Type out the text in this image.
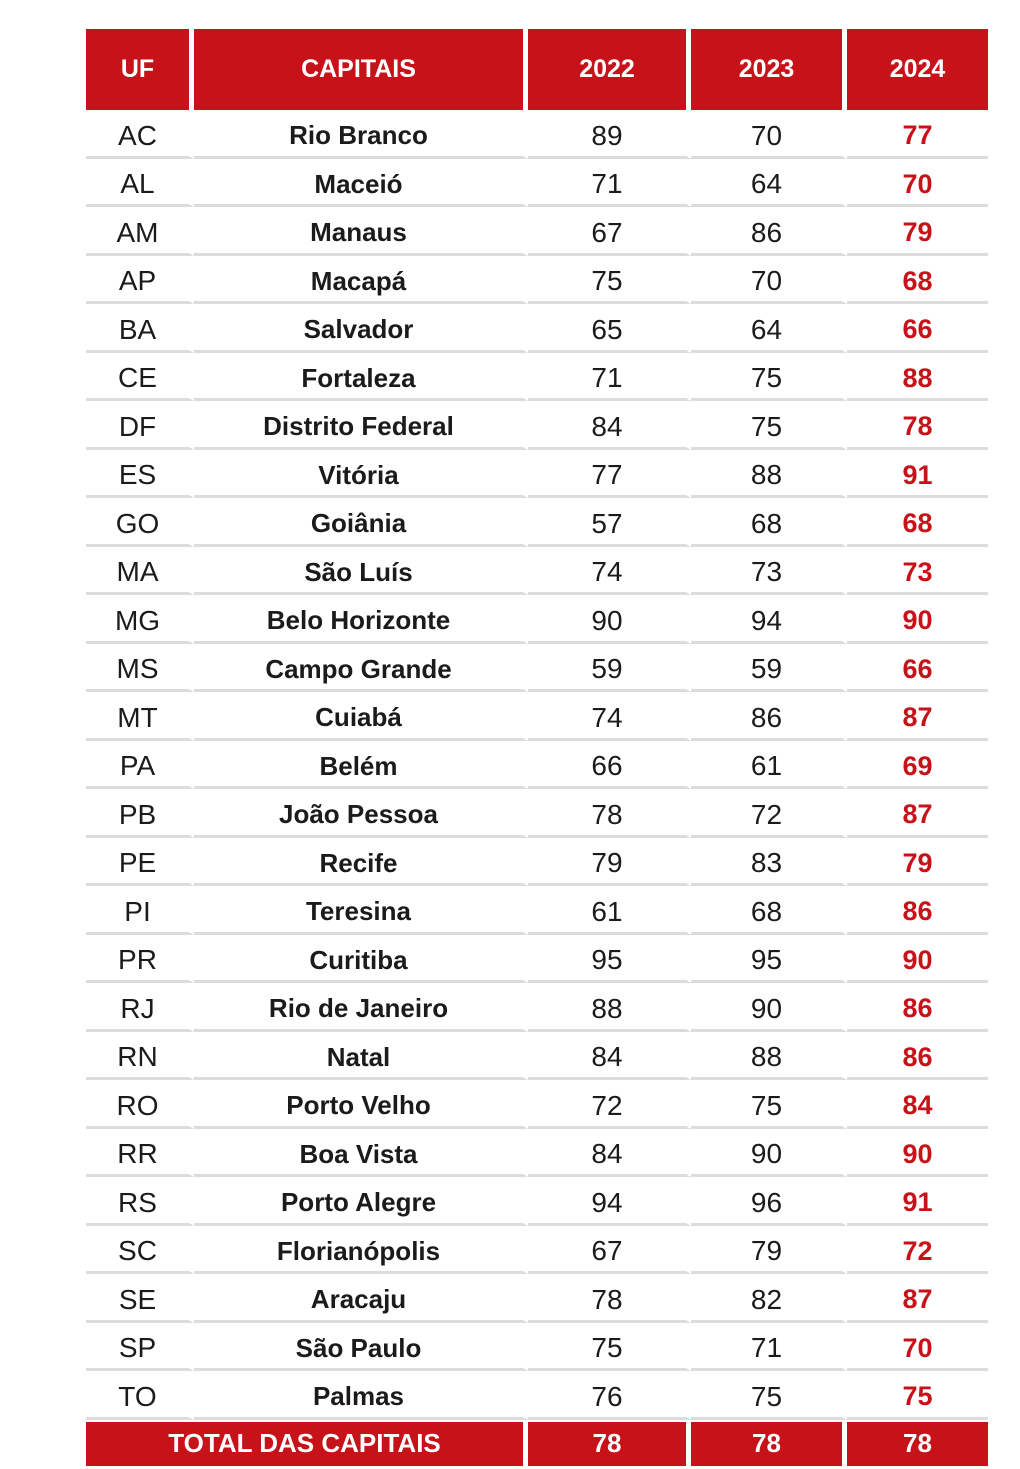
UF	CAPITAIS	2022	2023	2024
AC	Rio Branco	89	70	77
AL	Maceió	71	64	70
AM	Manaus	67	86	79
AP	Macapá	75	70	68
BA	Salvador	65	64	66
CE	Fortaleza	71	75	88
DF	Distrito Federal	84	75	78
ES	Vitória	77	88	91
GO	Goiânia	57	68	68
MA	São Luís	74	73	73
MG	Belo Horizonte	90	94	90
MS	Campo Grande	59	59	66
MT	Cuiabá	74	86	87
PA	Belém	66	61	69
PB	João Pessoa	78	72	87
PE	Recife	79	83	79
PI	Teresina	61	68	86
PR	Curitiba	95	95	90
RJ	Rio de Janeiro	88	90	86
RN	Natal	84	88	86
RO	Porto Velho	72	75	84
RR	Boa Vista	84	90	90
RS	Porto Alegre	94	96	91
SC	Florianópolis	67	79	72
SE	Aracaju	78	82	87
SP	São Paulo	75	71	70
TO	Palmas	76	75	75
TOTAL DAS CAPITAIS	78	78	78
